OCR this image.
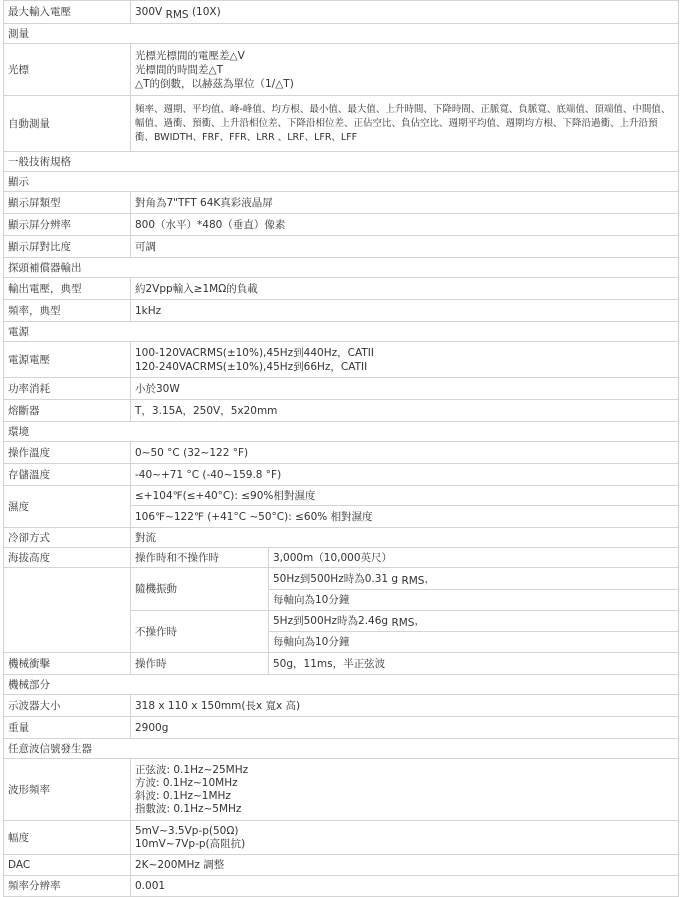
最大輸入電壓	300V RMS (10X)	
測量		
光標	光標光標間的電壓差△V
光標間的時間差△T
△T的倒數，以赫茲為單位（1/△T)	

自動測量	頻率、週期、平均值、峰-峰值、均方根、最小值、最大值、上升時間、下降時間、正脈寬、負脈寬、底端值、頂端值、中間值、幅值、過衝、預衝、上升沿相位差、下降沿相位差、正佔空比、負佔空比、週期平均值、週期均方根、下降沿過衝、上升沿預衝、BWIDTH、FRF、FFR、LRR 、LRF、LFR、LFF	
一般技術規格		
顯示		
顯示屏類型	對角為7"TFT 64K真彩液晶屏	
顯示屏分辨率	800（水平）*480（垂直）像素	
顯示屏對比度	可調	
探頭補償器輸出		
輸出電壓，典型	約2Vpp輸入≥1MΩ的負載	
頻率，典型	1kHz	
電源		
電源電壓	100-120VACRMS(±10%),45Hz到440Hz，CATII
120-240VACRMS(±10%),45Hz到66Hz，CATII	

功率消耗	小於30W	
熔斷器	T，3.15A，250V，5x20mm	
環境		
操作溫度	0~50 °C (32~122 °F)	
存儲溫度	-40~+71 °C (-40~159.8 °F)	
濕度	≤+104℉(≤+40°C): ≤90%相對濕度	
	106℉~122℉ (+41°C ~50°C): ≤60% 相對濕度	
冷卻方式	對流	
海拔高度	操作時和不操作時	3,000m（10,000英尺）
	隨機振動	50Hz到500Hz時為0.31 g RMS，
		每軸向為10分鐘
	不操作時	5Hz到500Hz時為2.46g RMS，
		每軸向為10分鐘
機械衝擊	操作時	50g，11ms，半正弦波
機械部分		
示波器大小	318 x 110 x 150mm(長x 寬x 高)	
重量	2900g	
任意波信號發生器		
波形頻率	正弦波: 0.1Hz~25MHz
方波: 0.1Hz~10MHz
斜波: 0.1Hz~1MHz
指數波: 0.1Hz~5MHz	

幅度	5mV~3.5Vp-p(50Ω)
10mV~7Vp-p(高阻抗)	

DAC	2K~200MHz 調整	
頻率分辨率	0.001	
